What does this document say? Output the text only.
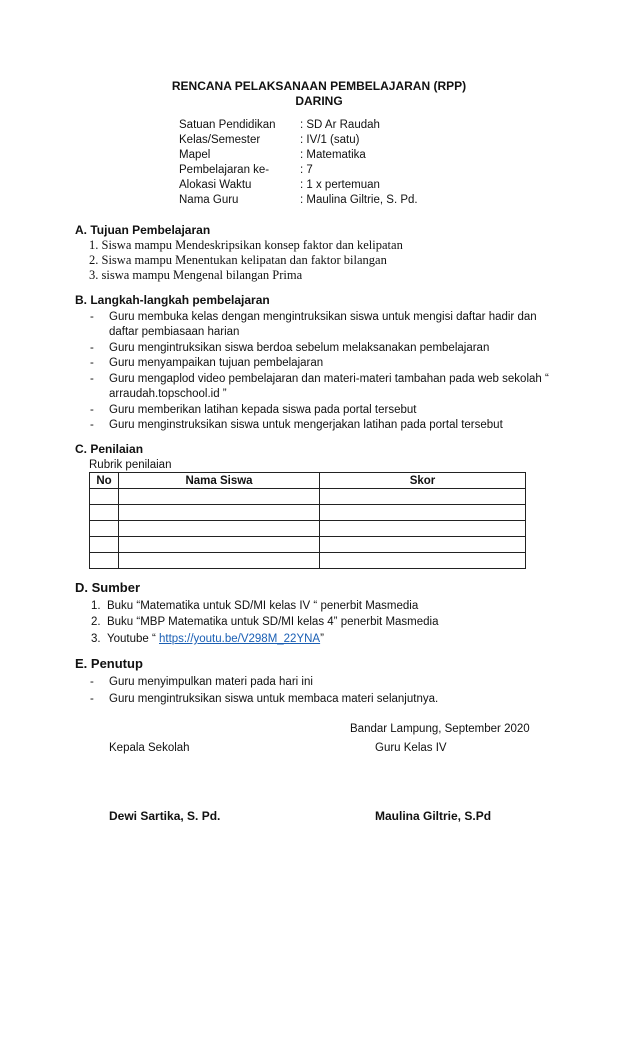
RENCANA PELAKSANAAN PEMBELAJARAN (RPP)
DARING
Satuan Pendidikan : SD Ar Raudah
Kelas/Semester	: IV/1 (satu)
Mapel	: Matematika
Pembelajaran ke-	: 7
Alokasi Waktu	: 1 x pertemuan
Nama Guru	: Maulina Giltrie, S. Pd.
A. Tujuan Pembelajaran
1. Siswa mampu Mendeskripsikan konsep faktor dan kelipatan
2. Siswa mampu Menentukan kelipatan dan faktor bilangan
3. siswa mampu Mengenal bilangan Prima
B. Langkah-langkah pembelajaran
- Guru membuka kelas dengan mengintruksikan siswa untuk mengisi daftar hadir dan
daftar pembiasaan harian
- Guru mengintruksikan siswa berdoa sebelum melaksanakan pembelajaran
- Guru menyampaikan tujuan pembelajaran
- Guru mengaplod video pembelajaran dan materi-materi tambahan pada web sekolah “
arraudah.topschool.id ”
- Guru memberikan latihan kepada siswa pada portal tersebut
- Guru menginstruksikan siswa untuk mengerjakan latihan pada portal tersebut
C. Penilaian
Rubrik penilaian
No	Nama Siswa	Skor

D. Sumber
1. Buku “Matematika untuk SD/MI kelas IV “ penerbit Masmedia
2. Buku “MBP Matematika untuk SD/MI kelas 4” penerbit Masmedia
3. Youtube “ https://youtu.be/V298M_22YNA”
E. Penutup
- Guru menyimpulkan materi pada hari ini
- Guru mengintruksikan siswa untuk membaca materi selanjutnya.
Bandar Lampung, September 2020
Kepala Sekolah	Guru Kelas IV
Dewi Sartika, S. Pd.	Maulina Giltrie, S.Pd
